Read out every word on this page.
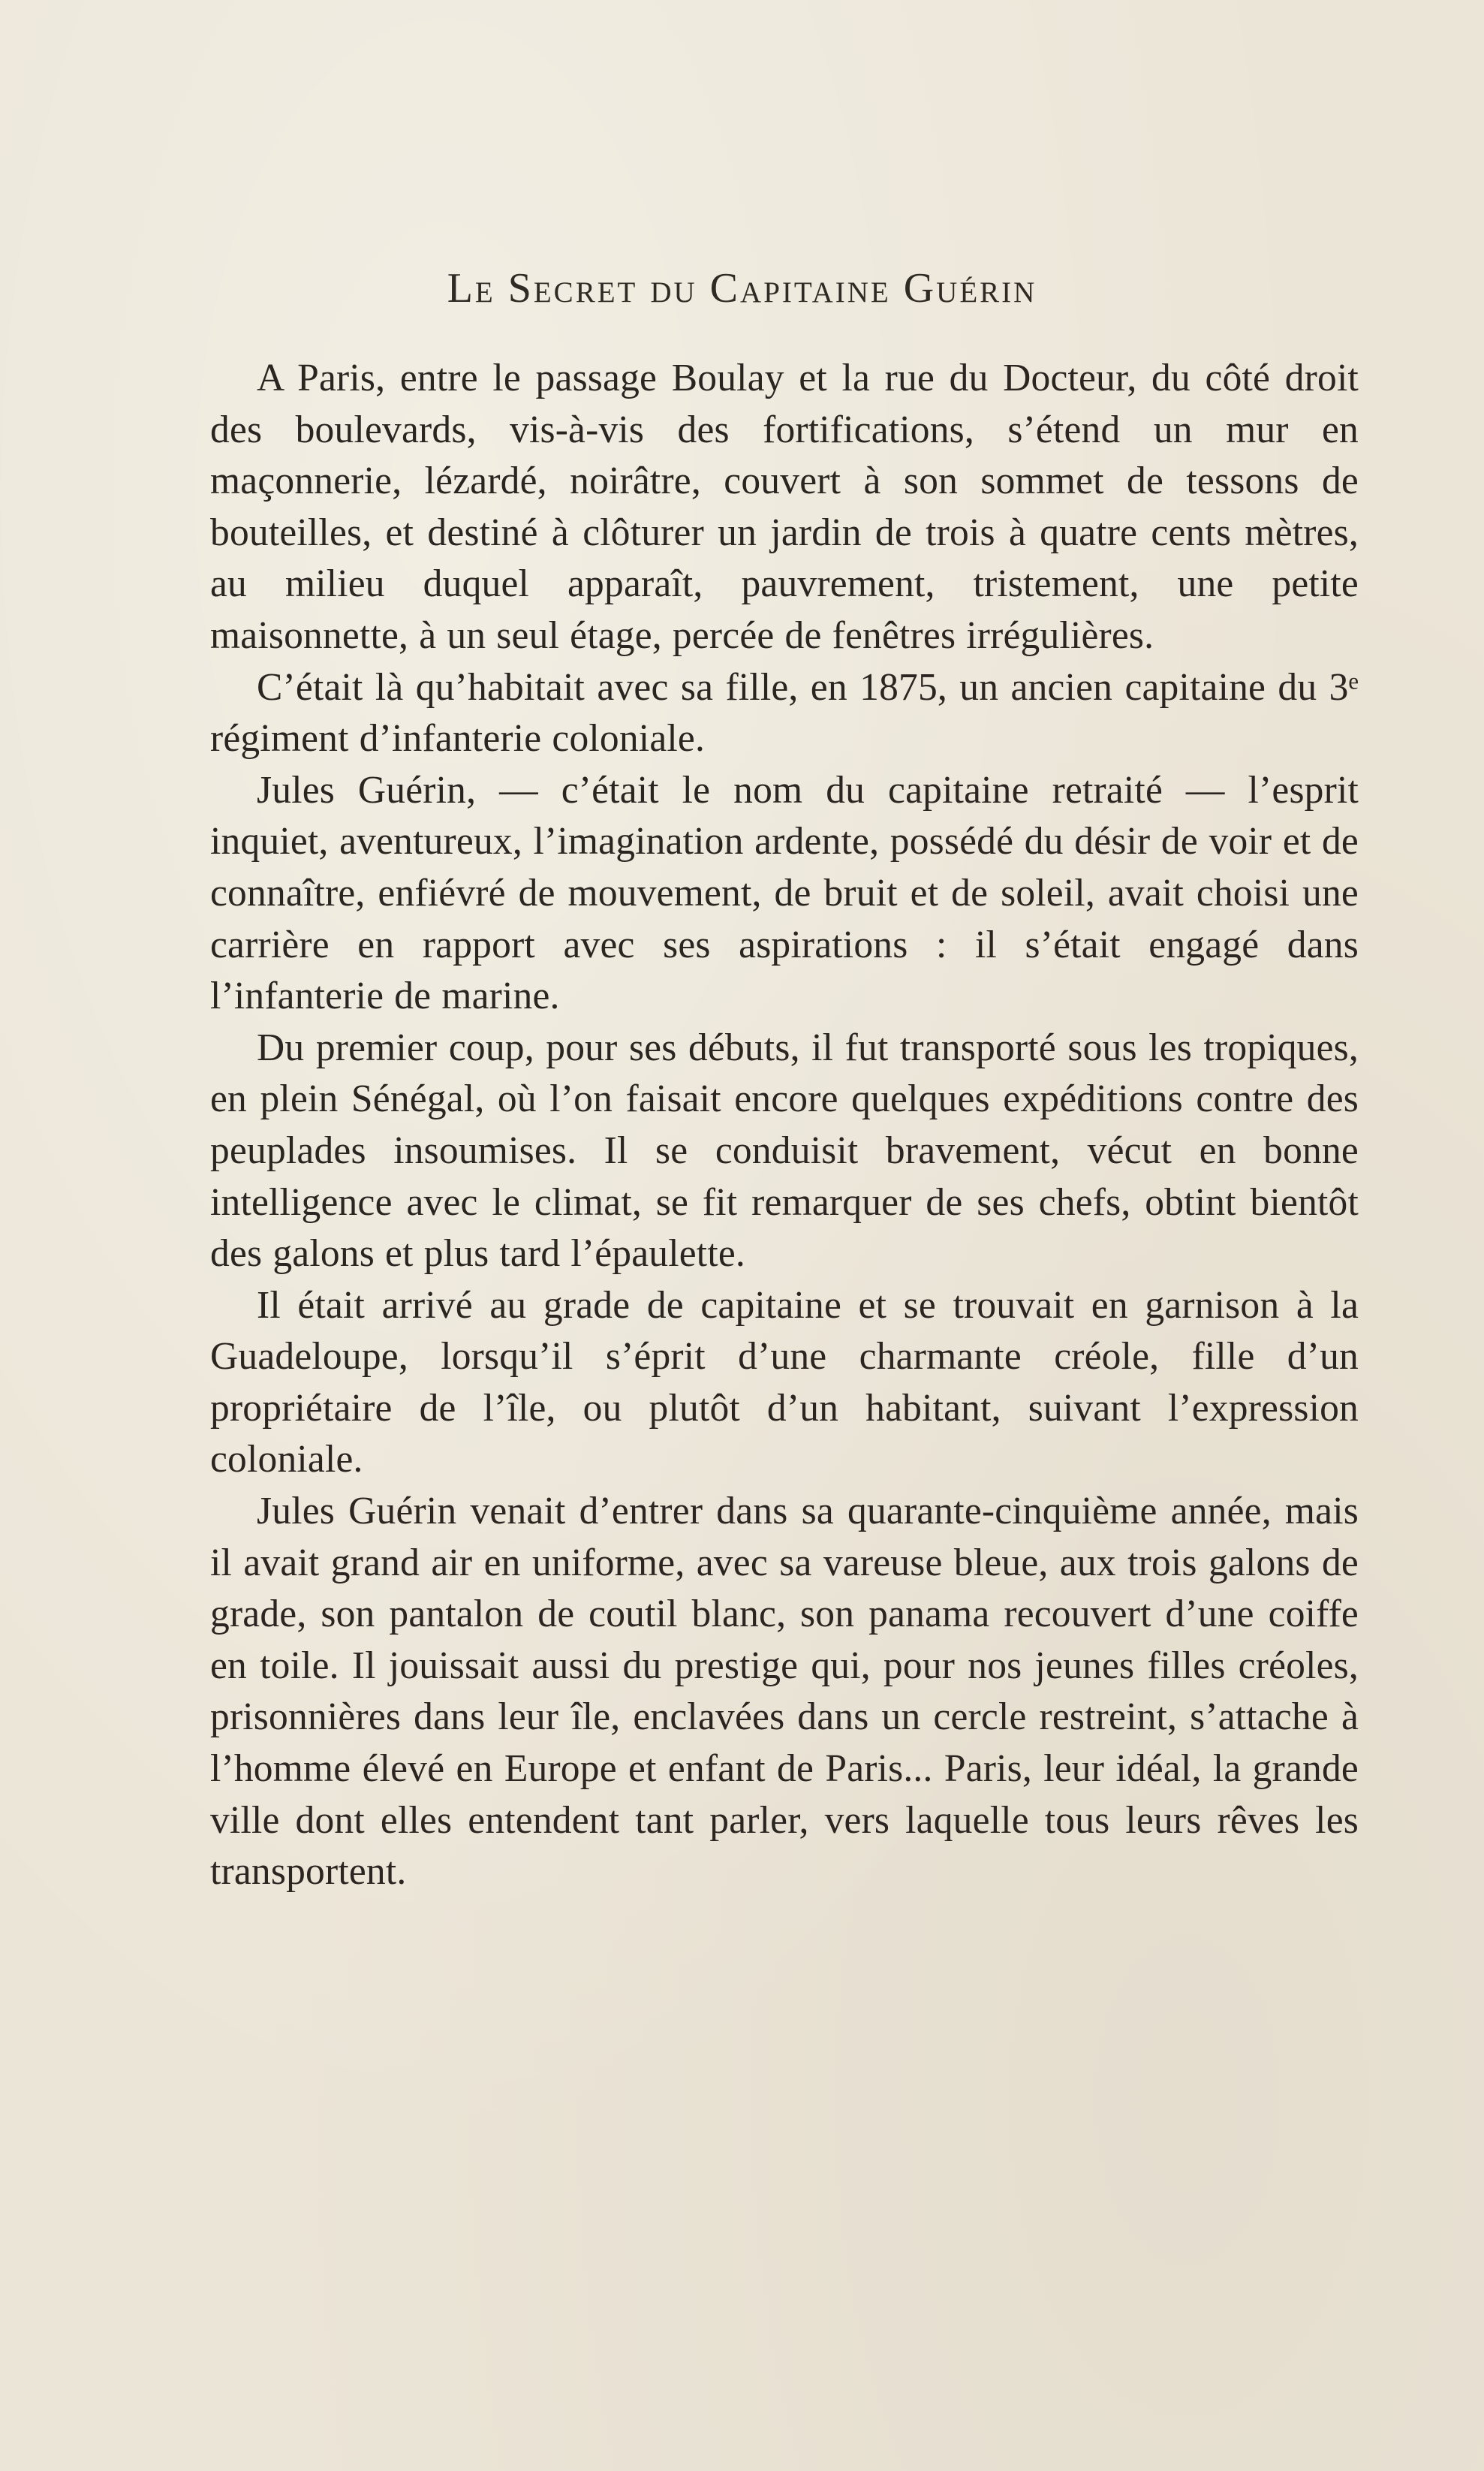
Le Secret du Capitaine Guérin

A Paris, entre le passage Boulay et la rue du Docteur, du côté droit des boulevards, vis-à-vis des fortifications, s’étend un mur en maçonnerie, lézardé, noirâtre, couvert à son sommet de tessons de bouteilles, et destiné à clôturer un jardin de trois à quatre cents mètres, au milieu duquel apparaît, pauvrement, tristement, une petite maisonnette, à un seul étage, percée de fenêtres irrégulières.

C’était là qu’habitait avec sa fille, en 1875, un ancien capitaine du 3ᵉ régiment d’infanterie coloniale.

Jules Guérin, — c’était le nom du capitaine retraité — l’esprit inquiet, aventureux, l’imagination ardente, possédé du désir de voir et de connaître, enfiévré de mouvement, de bruit et de soleil, avait choisi une carrière en rapport avec ses aspirations : il s’était engagé dans l’infanterie de marine.

Du premier coup, pour ses débuts, il fut transporté sous les tropiques, en plein Sénégal, où l’on faisait encore quelques expéditions contre des peuplades insoumises. Il se conduisit bravement, vécut en bonne intelligence avec le climat, se fit remarquer de ses chefs, obtint bientôt des galons et plus tard l’épaulette.

Il était arrivé au grade de capitaine et se trouvait en garnison à la Guadeloupe, lorsqu’il s’éprit d’une charmante créole, fille d’un propriétaire de l’île, ou plutôt d’un habitant, suivant l’expression coloniale.

Jules Guérin venait d’entrer dans sa quarante-cinquième année, mais il avait grand air en uniforme, avec sa vareuse bleue, aux trois galons de grade, son pantalon de coutil blanc, son panama recouvert d’une coiffe en toile. Il jouissait aussi du prestige qui, pour nos jeunes filles créoles, prisonnières dans leur île, enclavées dans un cercle restreint, s’attache à l’homme élevé en Europe et enfant de Paris... Paris, leur idéal, la grande ville dont elles entendent tant parler, vers laquelle tous leurs rêves les transportent.
